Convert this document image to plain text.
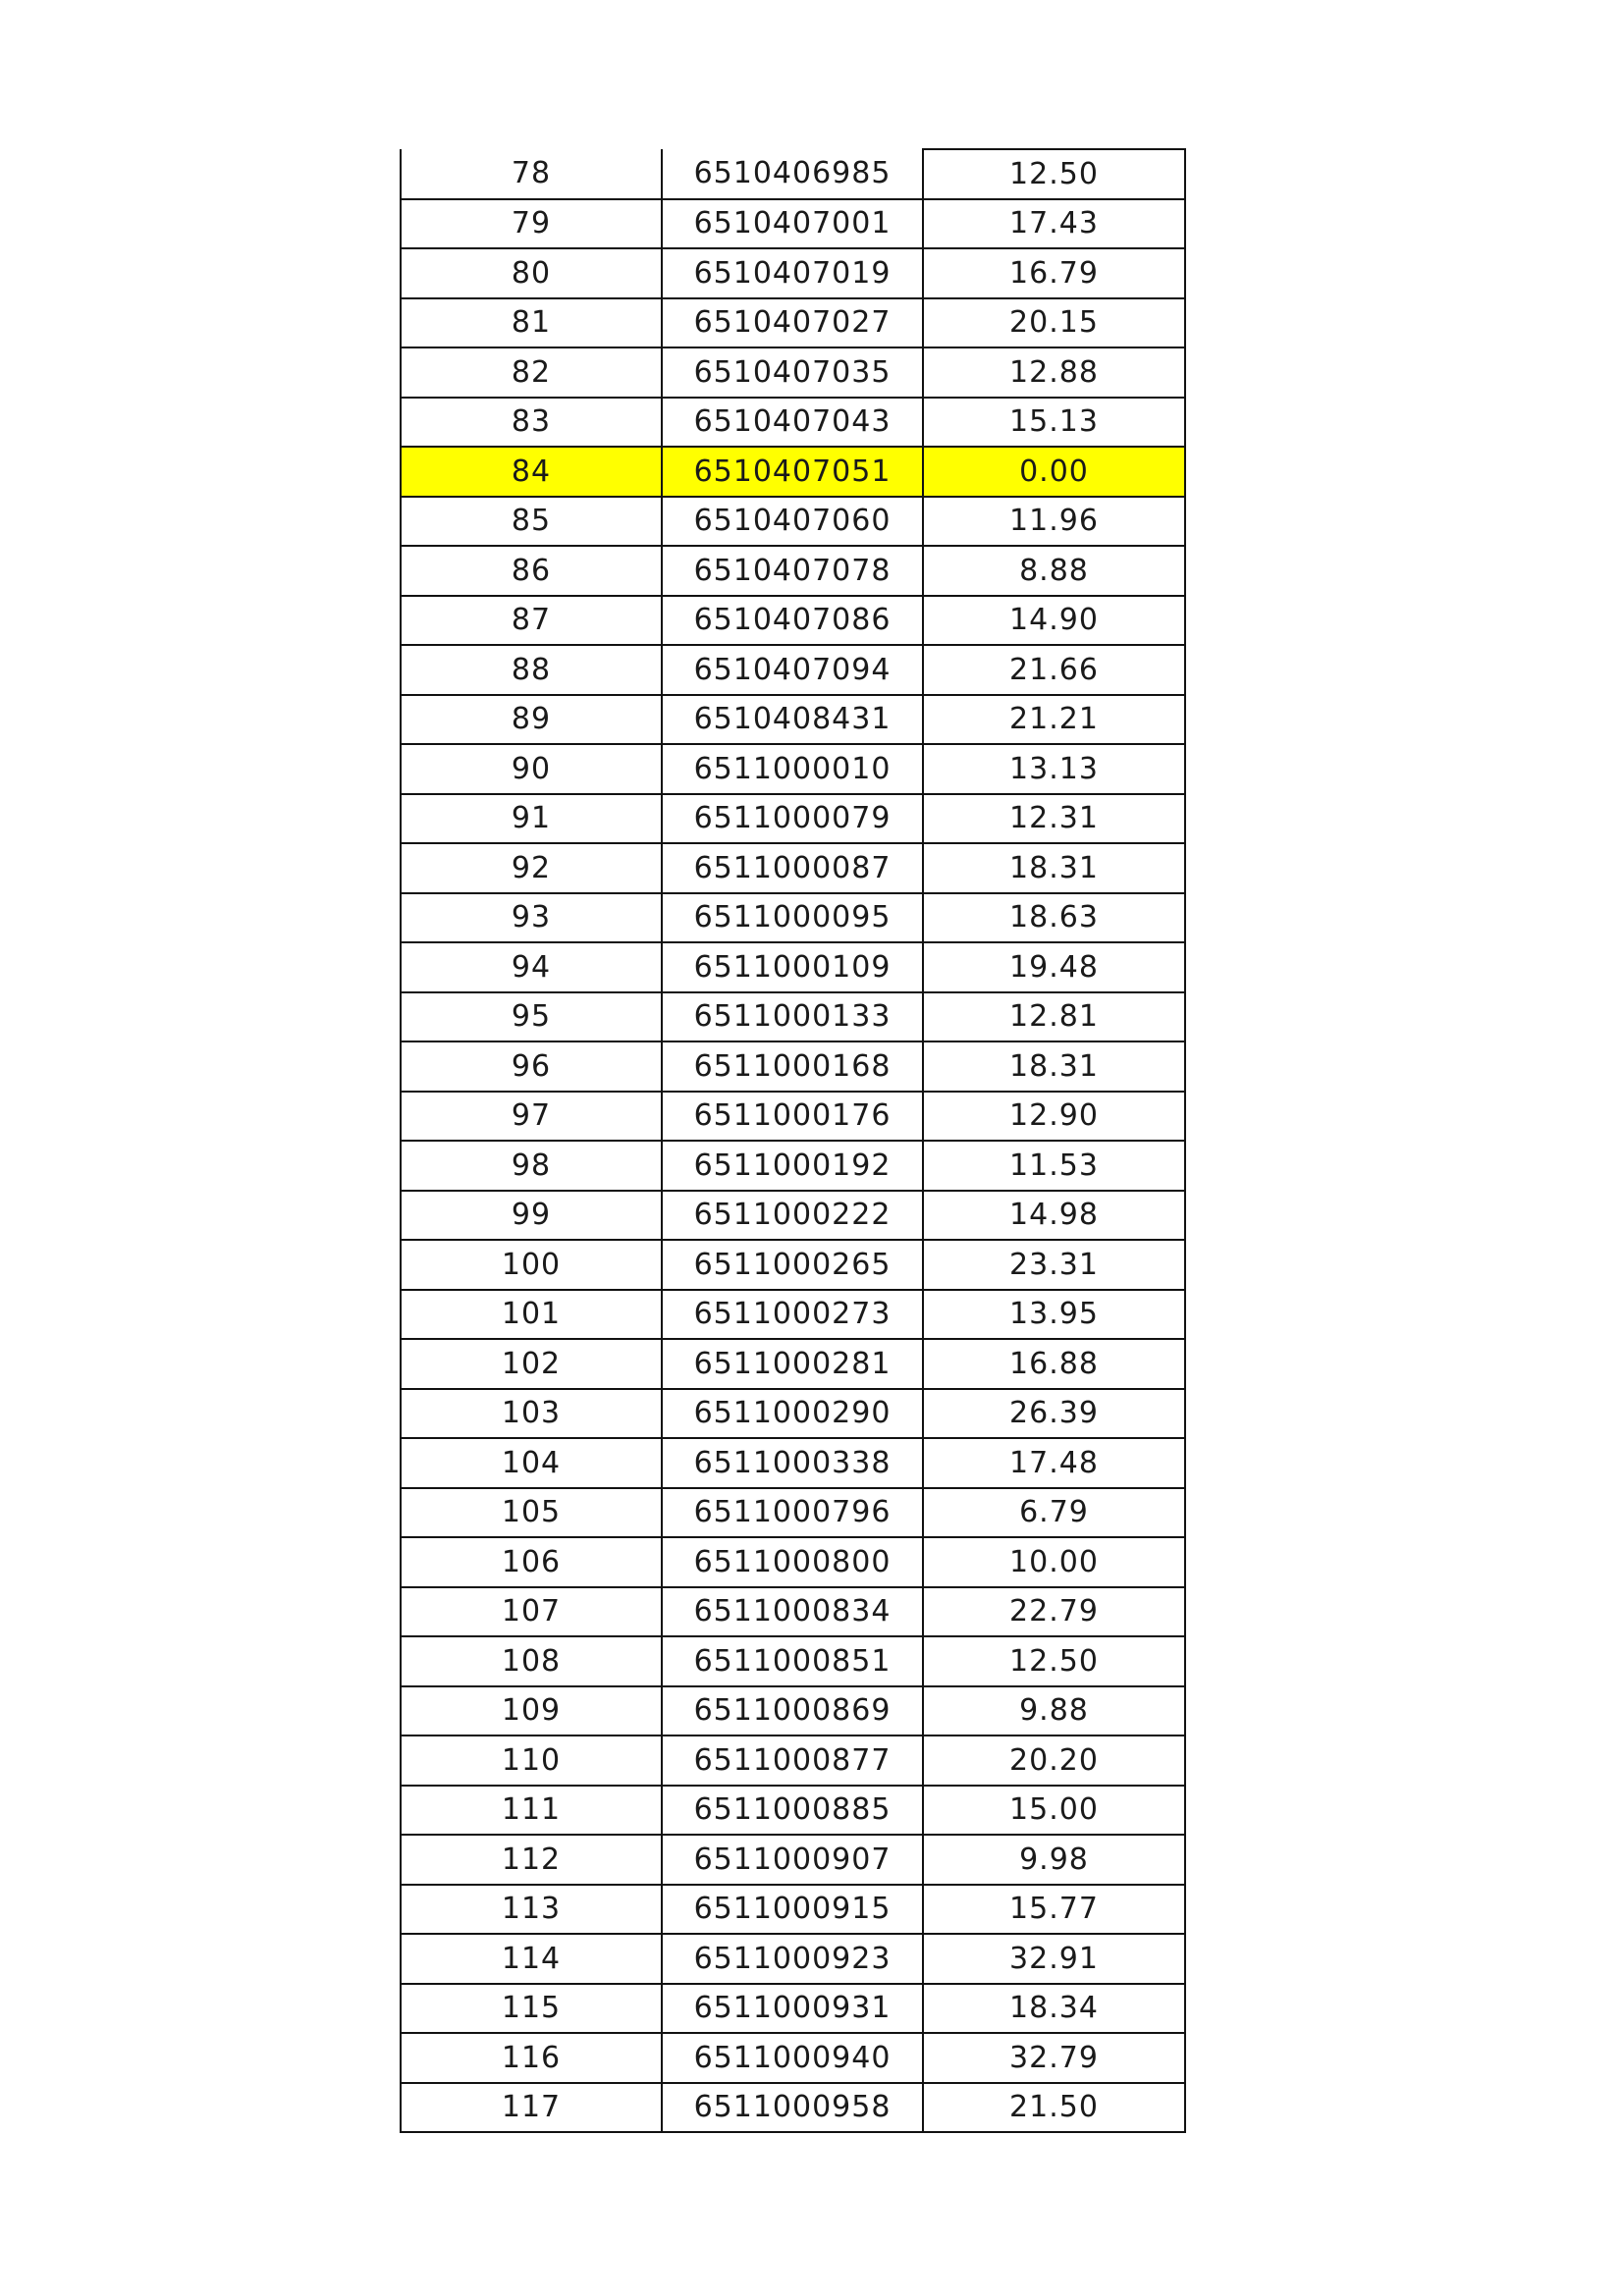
78	6510406985	12.50
79	6510407001	17.43
80	6510407019	16.79
81	6510407027	20.15
82	6510407035	12.88
83	6510407043	15.13
84	6510407051	0.00
85	6510407060	11.96
86	6510407078	8.88
87	6510407086	14.90
88	6510407094	21.66
89	6510408431	21.21
90	6511000010	13.13
91	6511000079	12.31
92	6511000087	18.31
93	6511000095	18.63
94	6511000109	19.48
95	6511000133	12.81
96	6511000168	18.31
97	6511000176	12.90
98	6511000192	11.53
99	6511000222	14.98
100	6511000265	23.31
101	6511000273	13.95
102	6511000281	16.88
103	6511000290	26.39
104	6511000338	17.48
105	6511000796	6.79
106	6511000800	10.00
107	6511000834	22.79
108	6511000851	12.50
109	6511000869	9.88
110	6511000877	20.20
111	6511000885	15.00
112	6511000907	9.98
113	6511000915	15.77
114	6511000923	32.91
115	6511000931	18.34
116	6511000940	32.79
117	6511000958	21.50
